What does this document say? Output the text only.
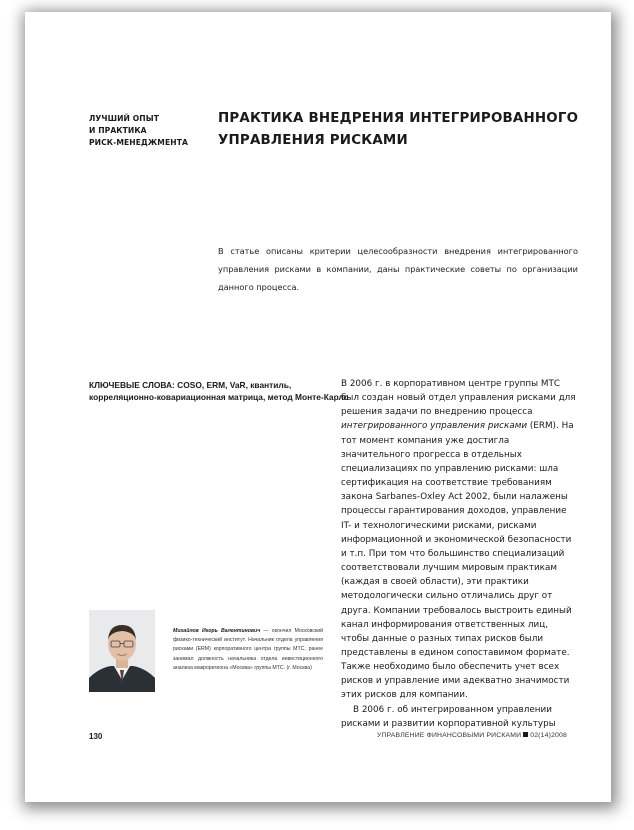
ЛУЧШИЙ ОПЫТ
И ПРАКТИКА
РИСК-МЕНЕДЖМЕНТА
ПРАКТИКА ВНЕДРЕНИЯ ИНТЕГРИРОВАННОГО
УПРАВЛЕНИЯ РИСКАМИ
В статье описаны критерии целесообразности внедрения интегрированного управления рисками в компании, даны практические советы по организации данного процесса.
КЛЮЧЕВЫЕ СЛОВА: COSO, ERM, VaR, квантиль, корреляционно-ковариационная матрица, метод Монте-Карло

В 2006 г. в корпоративном центре группы МТС был создан новый отдел управления рисками для решения задачи по внедрению процесса интегрированного управления рисками (ERM). На тот момент компания уже достигла значительного прогресса в отдельных специализациях по управлению рисками: шла сертификация на соответствие требованиям закона Sarbanes-Oxley Act 2002, были налажены процессы гарантирования доходов, управление IT- и технологическими рисками, рисками информационной и экономической безопасности и т.п. При том что большинство специализаций соответствовали лучшим мировым практикам (каждая в своей области), эти практики методологически сильно отличались друг от друга. Компании требовалось выстроить единый канал информирования ответственных лиц, чтобы данные о разных типах рисков были представлены в едином сопоставимом формате. Также необходимо было обеспечить учет всех рисков и управление ими адекватно значимости этих рисков для компании.

В 2006 г. об интегрированном управлении рисками и развитии корпоративной культуры

Михайлов Игорь Валентинович — окончил Московский физико-технический институт. Начальник отдела управления рисками (ERM) корпоративного центра группы МТС, ранее занимал должность начальника отдела инвестиционного анализа макрорегиона «Москва» группы МТС. (г. Москва)
130	УПРАВЛЕНИЕ ФИНАНСОВЫМИ РИСКАМИ 02(14)2008
